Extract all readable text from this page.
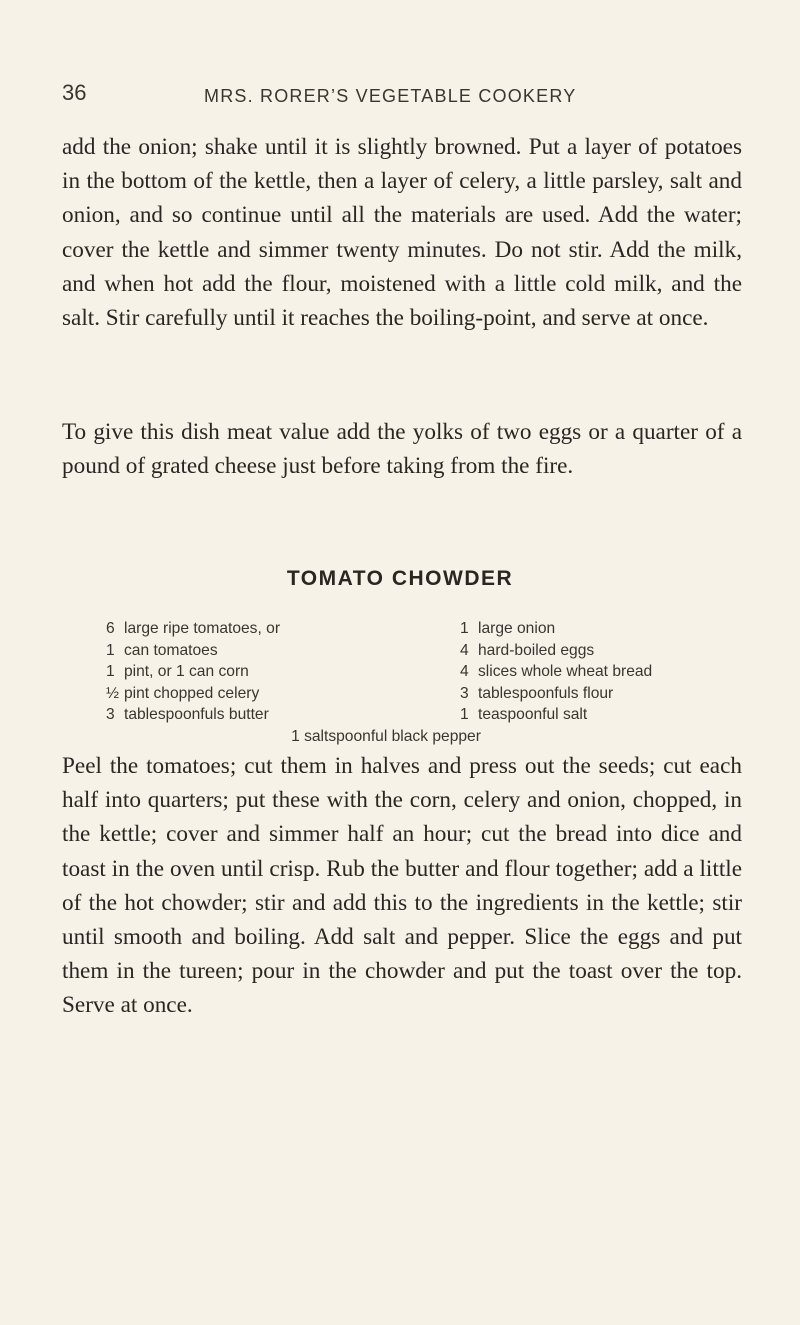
36	MRS. RORER’S VEGETABLE COOKERY

add the onion; shake until it is slightly browned. Put a layer of potatoes in the bottom of the kettle, then a layer of celery, a little parsley, salt and onion, and so continue until all the materials are used. Add the water; cover the kettle and simmer twenty minutes. Do not stir. Add the milk, and when hot add the flour, moistened with a little cold milk, and the salt. Stir carefully until it reaches the boiling-point, and serve at once.

To give this dish meat value add the yolks of two eggs or a quarter of a pound of grated cheese just before taking from the fire.

TOMATO CHOWDER
6 large ripe tomatoes, or
1 can tomatoes
1 pint, or 1 can corn
½ pint chopped celery
3 tablespoonfuls butter
1 large onion
4 hard-boiled eggs
4 slices whole wheat bread
3 tablespoonfuls flour
1 teaspoonful salt
1 saltspoonful black pepper

Peel the tomatoes; cut them in halves and press out the seeds; cut each half into quarters; put these with the corn, celery and onion, chopped, in the kettle; cover and simmer half an hour; cut the bread into dice and toast in the oven until crisp. Rub the butter and flour together; add a little of the hot chowder; stir and add this to the ingredients in the kettle; stir until smooth and boiling. Add salt and pepper. Slice the eggs and put them in the tureen; pour in the chowder and put the toast over the top. Serve at once.
